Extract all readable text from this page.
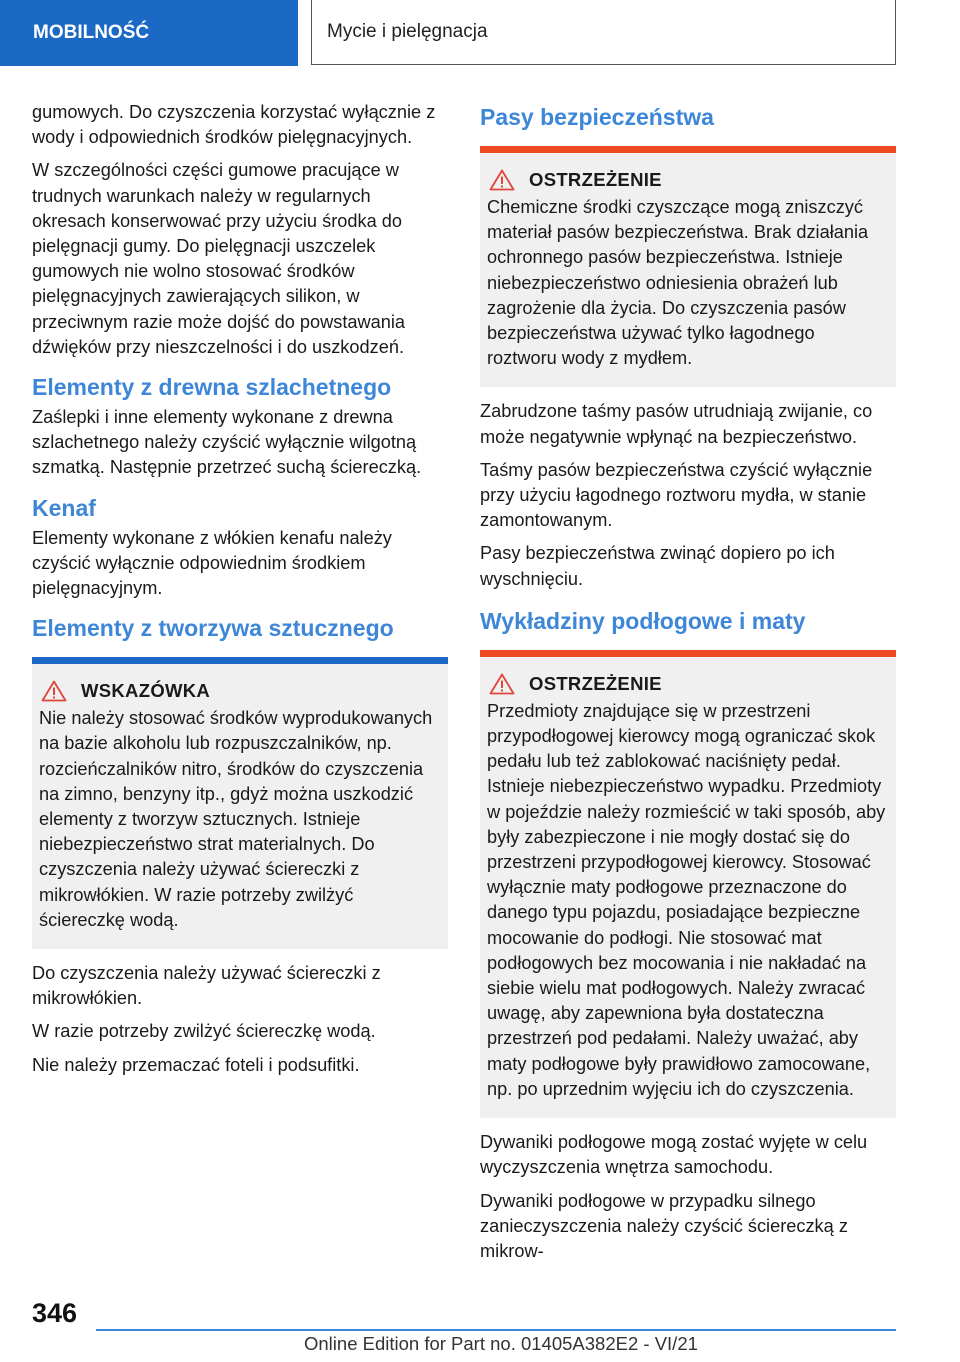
MOBILNOŚĆ	Mycie i pielęgnacja

gumowych. Do czyszczenia korzystać wyłącznie z wody i odpowiednich środków pielęgnacyjnych.

W szczególności części gumowe pracujące w trudnych warunkach należy w regularnych okresach konserwować przy użyciu środka do pielęgnacji gumy. Do pielęgnacji uszczelek gumowych nie wolno stosować środków pielęgnacyjnych zawierających silikon, w przeciwnym razie może dojść do powstawania dźwięków przy nieszczelności i do uszkodzeń.

Elementy z drewna szlachetnego

Zaślepki i inne elementy wykonane z drewna szlachetnego należy czyścić wyłącznie wilgotną szmatką. Następnie przetrzeć suchą ściereczką.

Kenaf

Elementy wykonane z włókien kenafu należy czyścić wyłącznie odpowiednim środkiem pielęgnacyjnym.

Elementy z tworzywa sztucznego
WSKAZÓWKA

Nie należy stosować środków wyprodukowanych na bazie alkoholu lub rozpuszczalników, np. rozcieńczalników nitro, środków do czyszczenia na zimno, benzyny itp., gdyż można uszkodzić elementy z tworzyw sztucznych. Istnieje niebezpieczeństwo strat materialnych. Do czyszczenia należy używać ściereczki z mikrowłókien. W razie potrzeby zwilżyć ściereczkę wodą.

Do czyszczenia należy używać ściereczki z mikrowłókien.

W razie potrzeby zwilżyć ściereczkę wodą.

Nie należy przemaczać foteli i podsufitki.

Pasy bezpieczeństwa
OSTRZEŻENIE

Chemiczne środki czyszczące mogą zniszczyć materiał pasów bezpieczeństwa. Brak działania ochronnego pasów bezpieczeństwa. Istnieje niebezpieczeństwo odniesienia obrażeń lub zagrożenie dla życia. Do czyszczenia pasów bezpieczeństwa używać tylko łagodnego roztworu wody z mydłem.

Zabrudzone taśmy pasów utrudniają zwijanie, co może negatywnie wpłynąć na bezpieczeństwo.

Taśmy pasów bezpieczeństwa czyścić wyłącznie przy użyciu łagodnego roztworu mydła, w stanie zamontowanym.

Pasy bezpieczeństwa zwinąć dopiero po ich wyschnięciu.

Wykładziny podłogowe i maty
OSTRZEŻENIE

Przedmioty znajdujące się w przestrzeni przypodłogowej kierowcy mogą ograniczać skok pedału lub też zablokować naciśnięty pedał. Istnieje niebezpieczeństwo wypadku. Przedmioty w pojeździe należy rozmieścić w taki sposób, aby były zabezpieczone i nie mogły dostać się do przestrzeni przypodłogowej kierowcy. Stosować wyłącznie maty podłogowe przeznaczone do danego typu pojazdu, posiadające bezpieczne mocowanie do podłogi. Nie stosować mat podłogowych bez mocowania i nie nakładać na siebie wielu mat podłogowych. Należy zwracać uwagę, aby zapewniona była dostateczna przestrzeń pod pedałami. Należy uważać, aby maty podłogowe były prawidłowo zamocowane, np. po uprzednim wyjęciu ich do czyszczenia.

Dywaniki podłogowe mogą zostać wyjęte w celu wyczyszczenia wnętrza samochodu.

Dywaniki podłogowe w przypadku silnego zanieczyszczenia należy czyścić ściereczką z mikrow-

346
Online Edition for Part no. 01405A382E2 - VI/21
